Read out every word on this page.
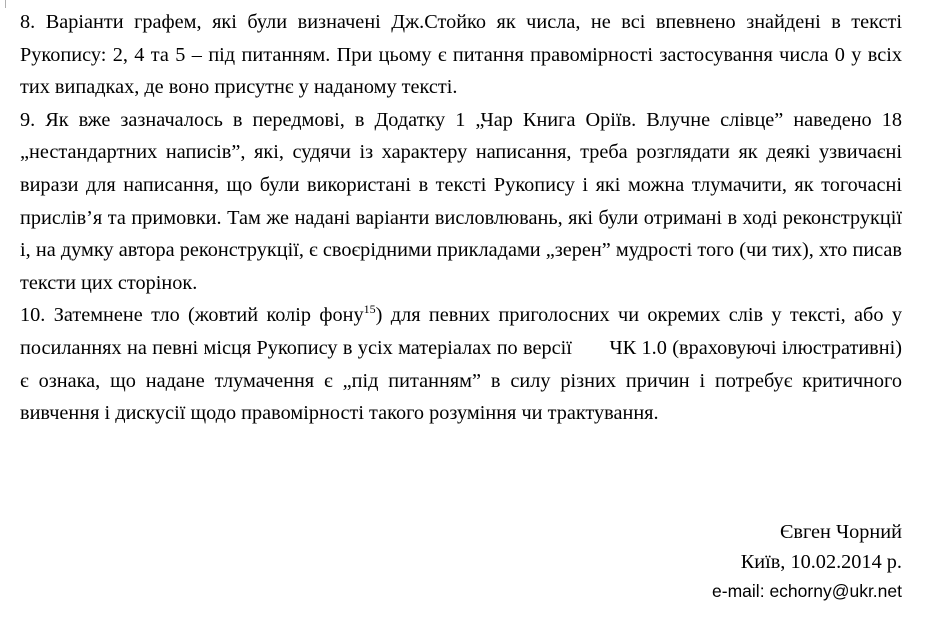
8. Варіанти графем, які були визначені Дж.Стойко як числа, не всі впевнено знайдені в тексті Рукопису: 2, 4 та 5 – під питанням. При цьому є питання правомірності застосування числа 0 у всіх тих випадках, де воно присутнє у наданому тексті.

9. Як вже зазначалось в передмові, в Додатку 1 „Чар Книга Оріїв. Влучне слівце” наведено 18 „нестандартних написів”, які, судячи із характеру написання, треба розглядати як деякі узвичаєні вирази для написання, що були використані в тексті Рукопису і які можна тлумачити, як тогочасні прислів’я та примовки. Там же надані варіанти висловлювань, які були отримані в ході реконструкції і, на думку автора реконструкції, є своєрідними прикладами „зерен” мудрості того (чи тих), хто писав тексти цих сторінок.

10. Затемнене тло (жовтий колір фону$^{15}$) для певних приголосних чи окремих слів у тексті, або у посиланнях на певні місця Рукопису в усіх матеріалах по версії       ЧК 1.0 (враховуючі ілюстративні) є ознака, що надане тлумачення є „під питанням” в силу різних причин і потребує критичного вивчення і дискусії щодо правомірності такого розуміння чи трактування.

Євген Чорний
Київ, 10.02.2014 р.
e-mail: echorny@ukr.net
